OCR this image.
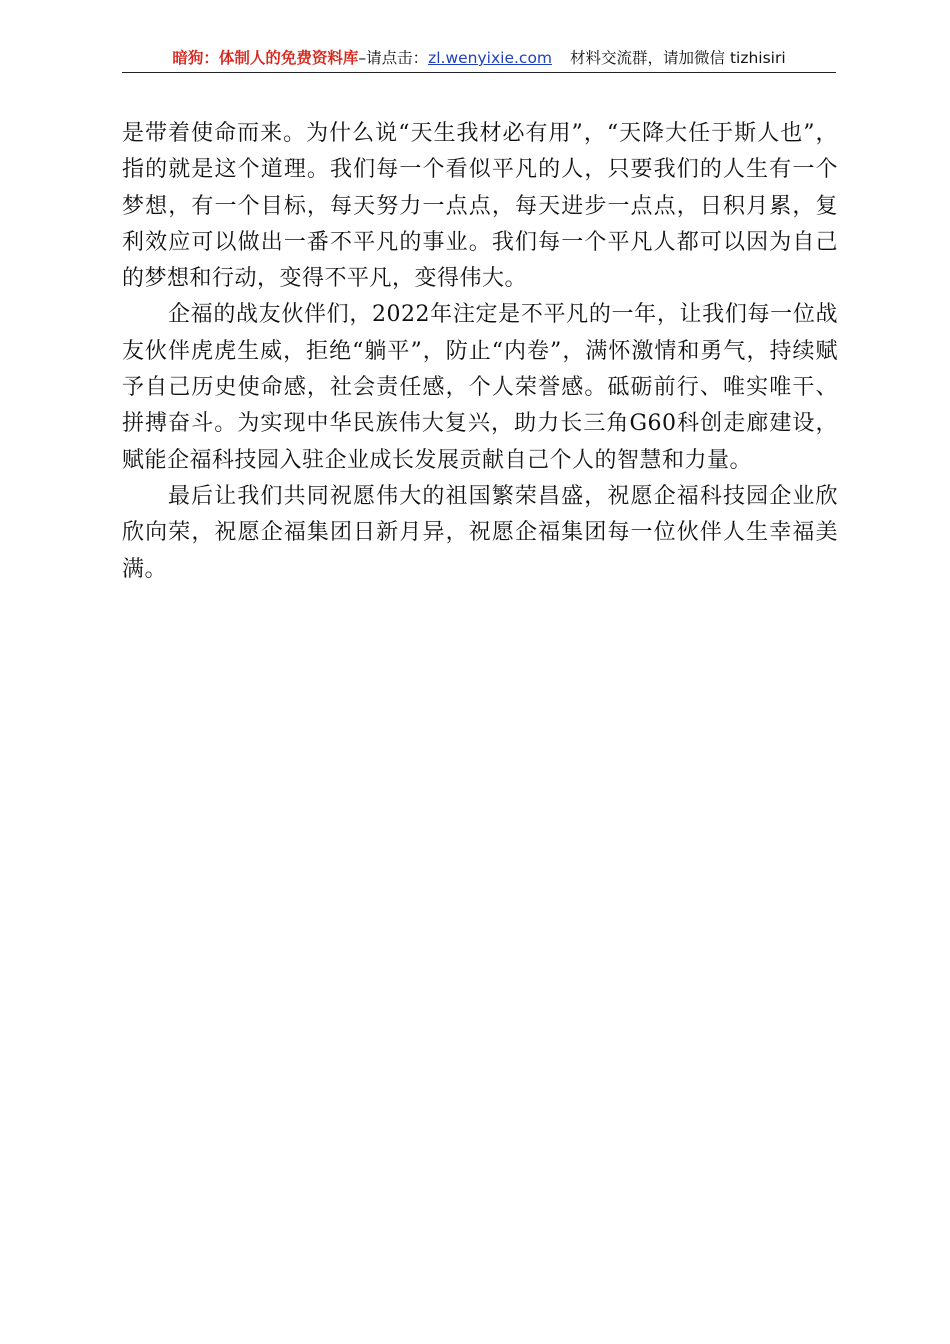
暗狗：体制人的免费资料库–请点击：zl.wenyixie.com 材料交流群，请加微信 tizhisiri

是带着使命而来。为什么说“天生我材必有用”，“天降大任于斯人也”，指的就是这个道理。我们每一个看似平凡的人，只要我们的人生有一个梦想，有一个目标，每天努力一点点，每天进步一点点，日积月累，复利效应可以做出一番不平凡的事业。我们每一个平凡人都可以因为自己的梦想和行动，变得不平凡，变得伟大。

企福的战友伙伴们，2022年注定是不平凡的一年，让我们每一位战友伙伴虎虎生威，拒绝“躺平”，防止“内卷”，满怀激情和勇气，持续赋予自己历史使命感，社会责任感，个人荣誉感。砥砺前行、唯实唯干、拼搏奋斗。为实现中华民族伟大复兴，助力长三角G60科创走廊建设，赋能企福科技园入驻企业成长发展贡献自己个人的智慧和力量。

最后让我们共同祝愿伟大的祖国繁荣昌盛，祝愿企福科技园企业欣欣向荣，祝愿企福集团日新月异，祝愿企福集团每一位伙伴人生幸福美满。
